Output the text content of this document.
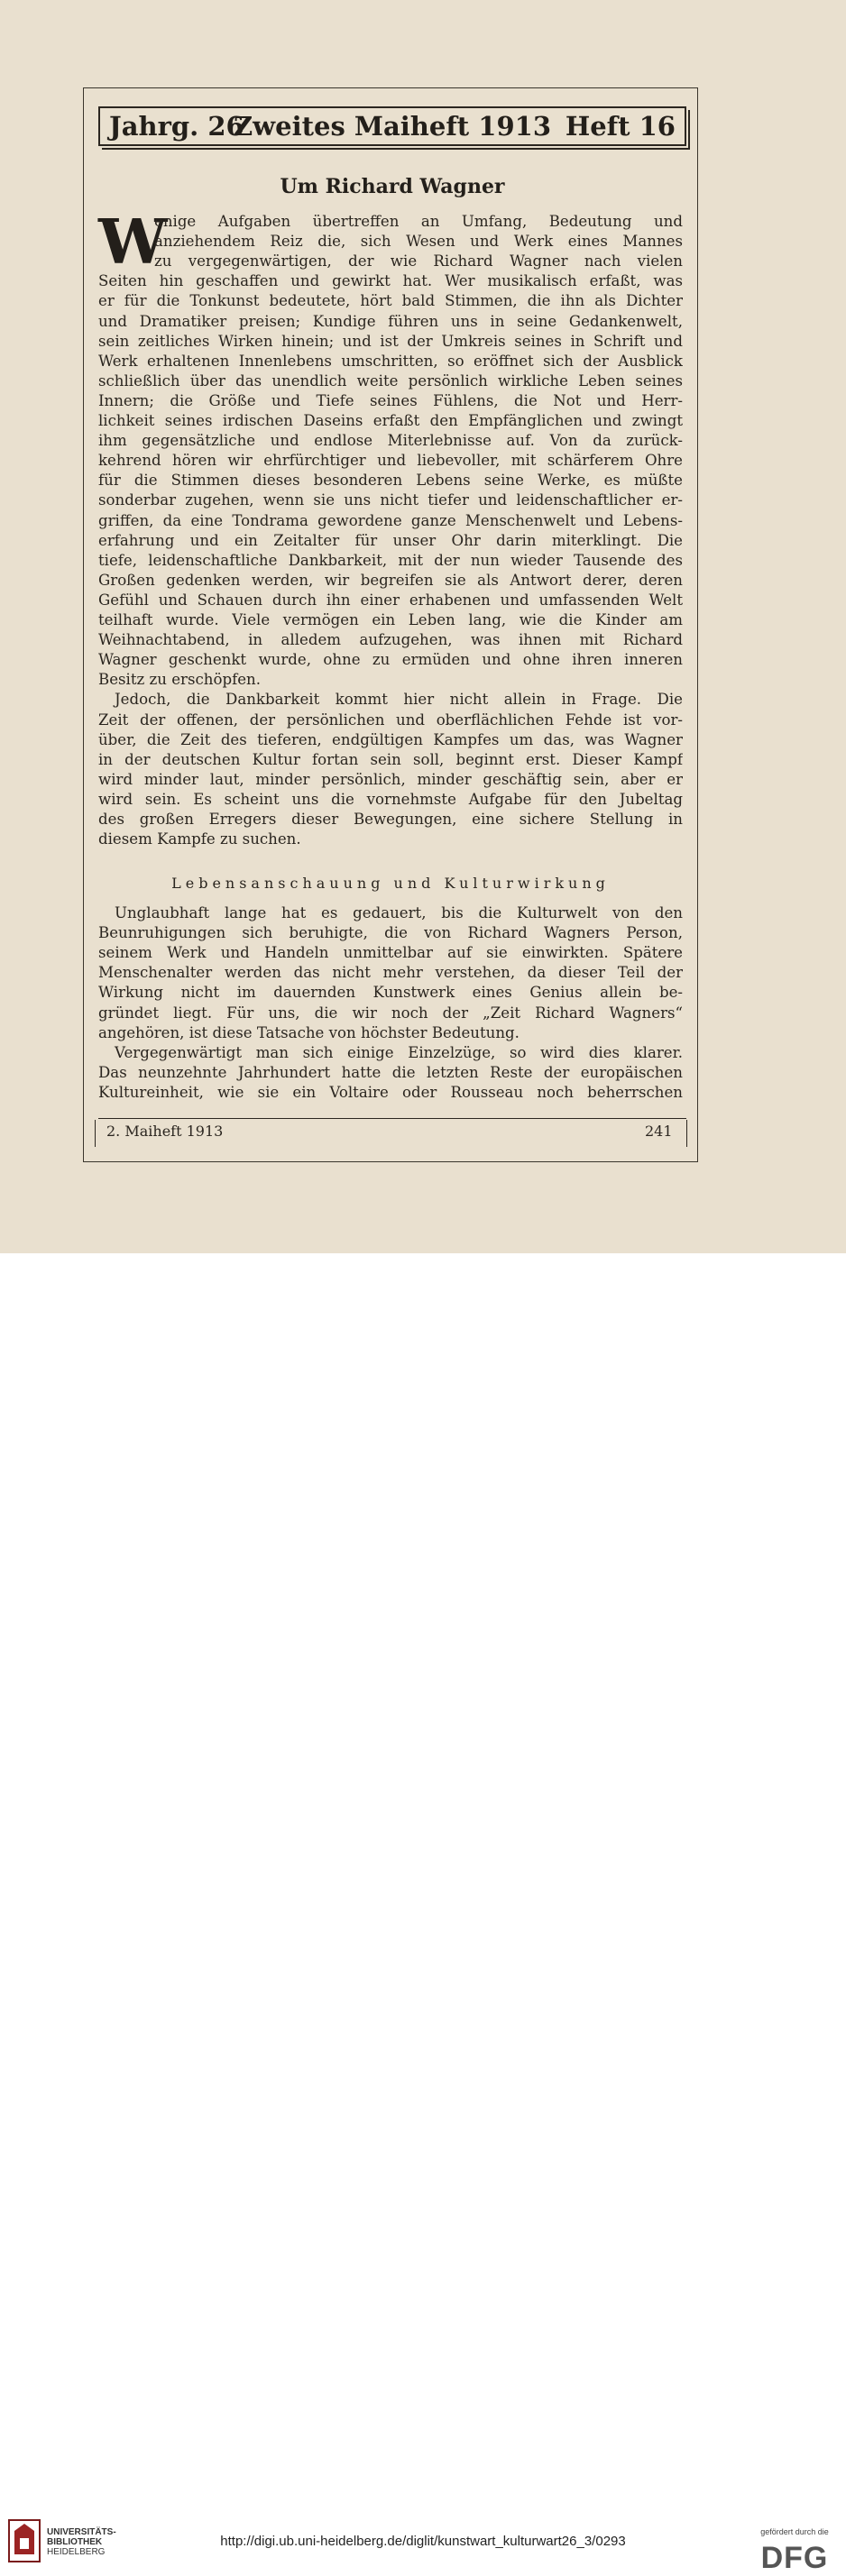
Jahrg. 26
Zweites Maiheft 1913 Heft 16
Um Richard Wagner
W
enige Aufgaben übertreffen an Umfang, Bedeutung und
anziehendem Reiz die, sich Wesen und Werk eines Mannes
zu vergegenwärtigen, der wie Richard Wagner nach vielen
Seiten hin geschaffen und gewirkt hat. Wer musikalisch erfaßt, was
er für die Tonkunst bedeutete, hört bald Stimmen, die ihn als Dichter
und Dramatiker preisen; Kundige führen uns in seine Gedankenwelt,
sein zeitliches Wirken hinein; und ist der Umkreis seines in Schrift und
Werk erhaltenen Innenlebens umschritten, so eröffnet sich der Ausblick
schließlich über das unendlich weite persönlich wirkliche Leben seines
Innern; die Größe und Tiefe seines Fühlens, die Not und Herr-
lichkeit seines irdischen Daseins erfaßt den Empfänglichen und zwingt
ihm gegensätzliche und endlose Miterlebnisse auf. Von da zurück-
kehrend hören wir ehrfürchtiger und liebevoller, mit schärferem Ohre
für die Stimmen dieses besonderen Lebens seine Werke, es müßte
sonderbar zugehen, wenn sie uns nicht tiefer und leidenschaftlicher er-
griffen, da eine Tondrama gewordene ganze Menschenwelt und Lebens-
erfahrung und ein Zeitalter für unser Ohr darin miterklingt. Die
tiefe, leidenschaftliche Dankbarkeit, mit der nun wieder Tausende des
Großen gedenken werden, wir begreifen sie als Antwort derer, deren
Gefühl und Schauen durch ihn einer erhabenen und umfassenden Welt
teilhaft wurde. Viele vermögen ein Leben lang, wie die Kinder am
Weihnachtabend, in alledem aufzugehen, was ihnen mit Richard
Wagner geschenkt wurde, ohne zu ermüden und ohne ihren inneren
Besitz zu erschöpfen.
Jedoch, die Dankbarkeit kommt hier nicht allein in Frage. Die
Zeit der offenen, der persönlichen und oberflächlichen Fehde ist vor-
über, die Zeit des tieferen, endgültigen Kampfes um das, was Wagner
in der deutschen Kultur fortan sein soll, beginnt erst. Dieser Kampf
wird minder laut, minder persönlich, minder geschäftig sein, aber er
wird sein. Es scheint uns die vornehmste Aufgabe für den Jubeltag
des großen Erregers dieser Bewegungen, eine sichere Stellung in
diesem Kampfe zu suchen.
Lebensanschauung und Kulturwirkung
Unglaubhaft lange hat es gedauert, bis die Kulturwelt von den
Beunruhigungen sich beruhigte, die von Richard Wagners Person,
seinem Werk und Handeln unmittelbar auf sie einwirkten. Spätere
Menschenalter werden das nicht mehr verstehen, da dieser Teil der
Wirkung nicht im dauernden Kunstwerk eines Genius allein be-
gründet liegt. Für uns, die wir noch der „Zeit Richard Wagners“
angehören, ist diese Tatsache von höchster Bedeutung.
Vergegenwärtigt man sich einige Einzelzüge, so wird dies klarer.
Das neunzehnte Jahrhundert hatte die letzten Reste der europäischen
Kultureinheit, wie sie ein Voltaire oder Rousseau noch beherrschen
2. Maiheft 1913	241
UNIVERSITÄTS-
BIBLIOTHEK
HEIDELBERG
http://digi.ub.uni-heidelberg.de/diglit/kunstwart_kulturwart26_3/0293
gefördert durch die
DFG
